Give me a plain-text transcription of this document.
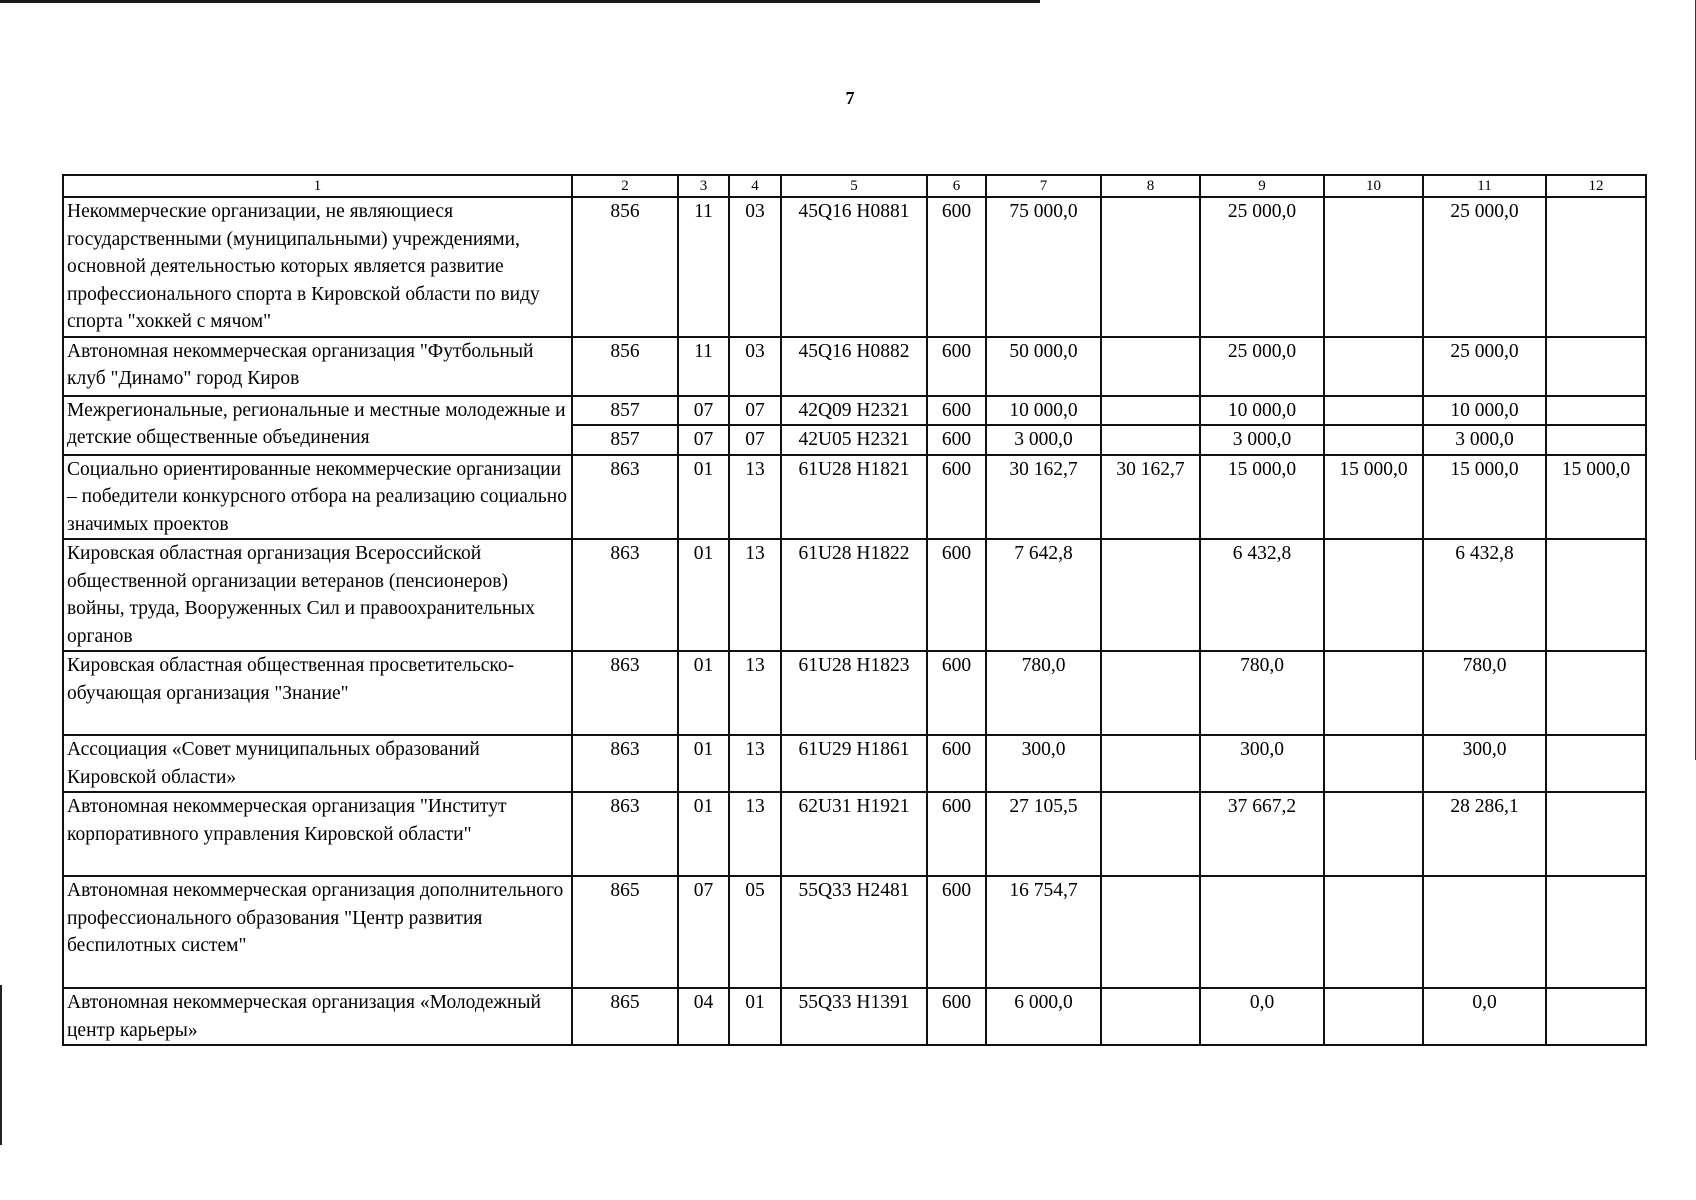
7
1	2	3	4	5	6	7	8	9	10	11	12
Некоммерческие организации, не являющиеся государственными (муниципальными) учреждениями, основной деятельностью которых является развитие профессионального спорта в Кировской области по виду спорта "хоккей с мячом"	856	11	03	45Q16 H0881	600	75 000,0		25 000,0		25 000,0	
Автономная некоммерческая организация "Футбольный клуб "Динамо" город Киров	856	11	03	45Q16 H0882	600	50 000,0		25 000,0		25 000,0	
Межрегиональные, региональные и местные молодежные и детские общественные объединения	857	07	07	42Q09 H2321	600	10 000,0		10 000,0		10 000,0	
	857	07	07	42U05 H2321	600	3 000,0		3 000,0		3 000,0	
Социально ориентированные некоммерческие организации – победители конкурсного отбора на реализацию социально значимых проектов	863	01	13	61U28 H1821	600	30 162,7	30 162,7	15 000,0	15 000,0	15 000,0	15 000,0
Кировская областная организация Всероссийской общественной организации ветеранов (пенсионеров) войны, труда, Вооруженных Сил и правоохранительных органов	863	01	13	61U28 H1822	600	7 642,8		6 432,8		6 432,8	
Кировская областная общественная просветительско-обучающая организация "Знание"	863	01	13	61U28 H1823	600	780,0		780,0		780,0	
Ассоциация «Совет муниципальных образований Кировской области»	863	01	13	61U29 H1861	600	300,0		300,0		300,0	
Автономная некоммерческая организация "Институт корпоративного управления Кировской области"	863	01	13	62U31 H1921	600	27 105,5		37 667,2		28 286,1	
Автономная некоммерческая организация дополнительного профессионального образования "Центр развития беспилотных систем"	865	07	05	55Q33 H2481	600	16 754,7					
Автономная некоммерческая организация «Молодежный центр карьеры»	865	04	01	55Q33 H1391	600	6 000,0		0,0		0,0	
